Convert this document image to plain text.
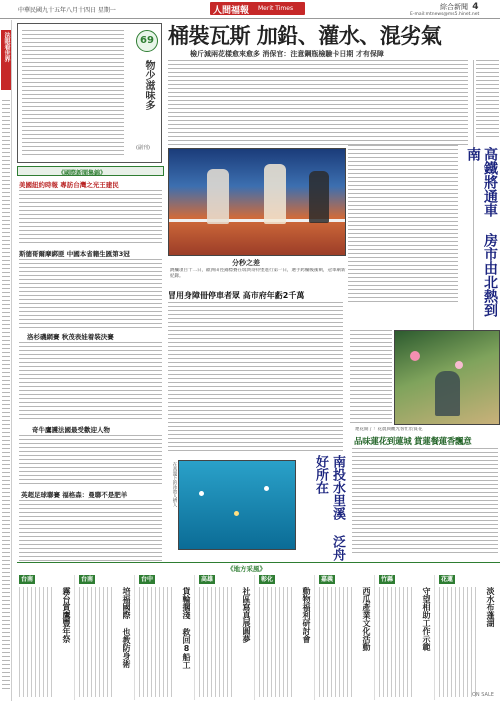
法眼看世界
中華民國九十五年八月十四日 星期一	人間福報 Merit Times	綜合新聞 4
E-mail:mtnews@ms5.hinet.net
69
物少滋味多
(副刊)
桶裝瓦斯 加鉛、灌水、混劣氣
檢斤減兩花樣愈來愈多 消保官：注意鋼瓶檢驗卡日期 才有保障
高鐵將通車 房市由北熱到南
分秒之差
跳欄項目十二日，歐洲田徑錦標賽在瑞典哥特堡進行第一日，選手跨欄後衝刺，冠軍刷新紀錄。
《國際新聞集錦》
美國紐約時報 專訪台灣之光王建民
斯德哥爾摩綁匪 中國本省籍生匯第3冠
洛杉磯網賽 秋茂表娃着裝決賽
奇牛鷹護法國最受歡迎人物
英超足球聯賽 福格森：曼聯不是肥羊
冒用身障冊停車者眾 高市府年虧2千萬
連花開了！花農與觀光客忙於賞花
品味蓮花到蓮城 賞蓮餐蓮香飄意
南投水里溪 泛舟好所在
在高溫下的泳池人擠人
《地方采風》
台南
霧台賞鷹豐年祭
台南
培福國際 也教防身術
台中
貨輪擱淺 救回8船工
高雄
社區寫真展圓夢
彰化
動物福利研討會
嘉義
西瓜產業文化活動
竹縣
守望相助工作示範
花蓮
淡水布蓬湖
ON SALE
